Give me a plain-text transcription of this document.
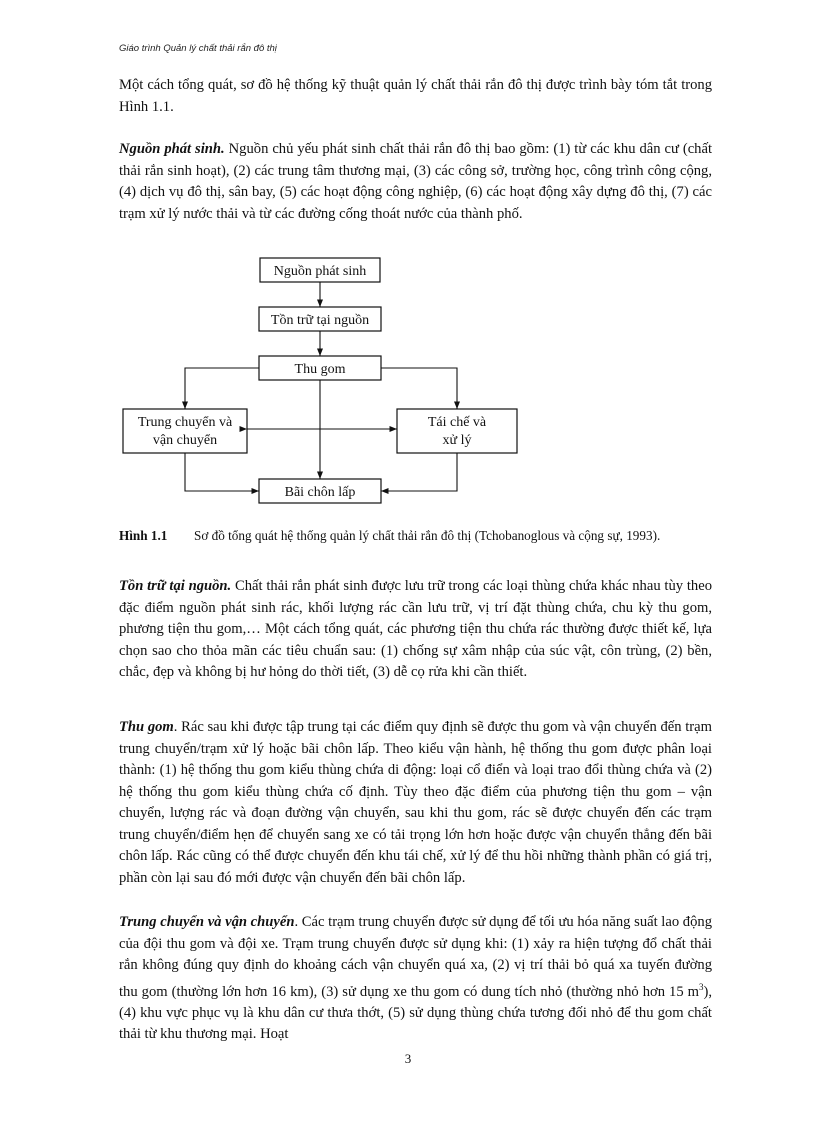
Giáo trình Quản lý chất thải rắn đô thị

Một cách tổng quát, sơ đồ hệ thống kỹ thuật quản lý chất thải rắn đô thị được trình bày tóm tắt trong Hình 1.1.

Nguồn phát sinh. Nguồn chủ yếu phát sinh chất thải rắn đô thị bao gồm: (1) từ các khu dân cư (chất thải rắn sinh hoạt), (2) các trung tâm thương mại, (3) các công sở, trường học, công trình công cộng, (4) dịch vụ đô thị, sân bay, (5) các hoạt động công nghiệp, (6) các hoạt động xây dựng đô thị, (7) các trạm xử lý nước thải và từ các đường cống thoát nước của thành phố.

Nguồn phát sinh
Tồn trữ tại nguồn
Thu gom
Trung chuyển và
vận chuyển
Tái chế và
xử lý
Bãi chôn lấp

Hình 1.1 Sơ đồ tổng quát hệ thống quản lý chất thải rắn đô thị (Tchobanoglous và cộng sự, 1993).

Tồn trữ tại nguồn. Chất thải rắn phát sinh được lưu trữ trong các loại thùng chứa khác nhau tùy theo đặc điểm nguồn phát sinh rác, khối lượng rác cần lưu trữ, vị trí đặt thùng chứa, chu kỳ thu gom, phương tiện thu gom,… Một cách tổng quát, các phương tiện thu chứa rác thường được thiết kế, lựa chọn sao cho thỏa mãn các tiêu chuẩn sau: (1) chống sự xâm nhập của súc vật, côn trùng, (2) bền, chắc, đẹp và không bị hư hỏng do thời tiết, (3) dễ cọ rửa khi cần thiết.

Thu gom. Rác sau khi được tập trung tại các điểm quy định sẽ được thu gom và vận chuyển đến trạm trung chuyển/trạm xử lý hoặc bãi chôn lấp. Theo kiểu vận hành, hệ thống thu gom được phân loại thành: (1) hệ thống thu gom kiểu thùng chứa di động: loại cổ điển và loại trao đổi thùng chứa và (2) hệ thống thu gom kiểu thùng chứa cố định. Tùy theo đặc điểm của phương tiện thu gom – vận chuyển, lượng rác và đoạn đường vận chuyển, sau khi thu gom, rác sẽ được chuyển đến các trạm trung chuyển/điểm hẹn để chuyển sang xe có tải trọng lớn hơn hoặc được vận chuyển thẳng đến bãi chôn lấp. Rác cũng có thể được chuyển đến khu tái chế, xử lý để thu hồi những thành phần có giá trị, phần còn lại sau đó mới được vận chuyển đến bãi chôn lấp.

Trung chuyển và vận chuyển. Các trạm trung chuyển được sử dụng để tối ưu hóa năng suất lao động của đội thu gom và đội xe. Trạm trung chuyển được sử dụng khi: (1) xảy ra hiện tượng đổ chất thải rắn không đúng quy định do khoảng cách vận chuyển quá xa, (2) vị trí thải bỏ quá xa tuyến đường thu gom (thường lớn hơn 16 km), (3) sử dụng xe thu gom có dung tích nhỏ (thường nhỏ hơn 15 $m^3$), (4) khu vực phục vụ là khu dân cư thưa thớt, (5) sử dụng thùng chứa tương đối nhỏ để thu gom chất thải từ khu thương mại. Hoạt

3
